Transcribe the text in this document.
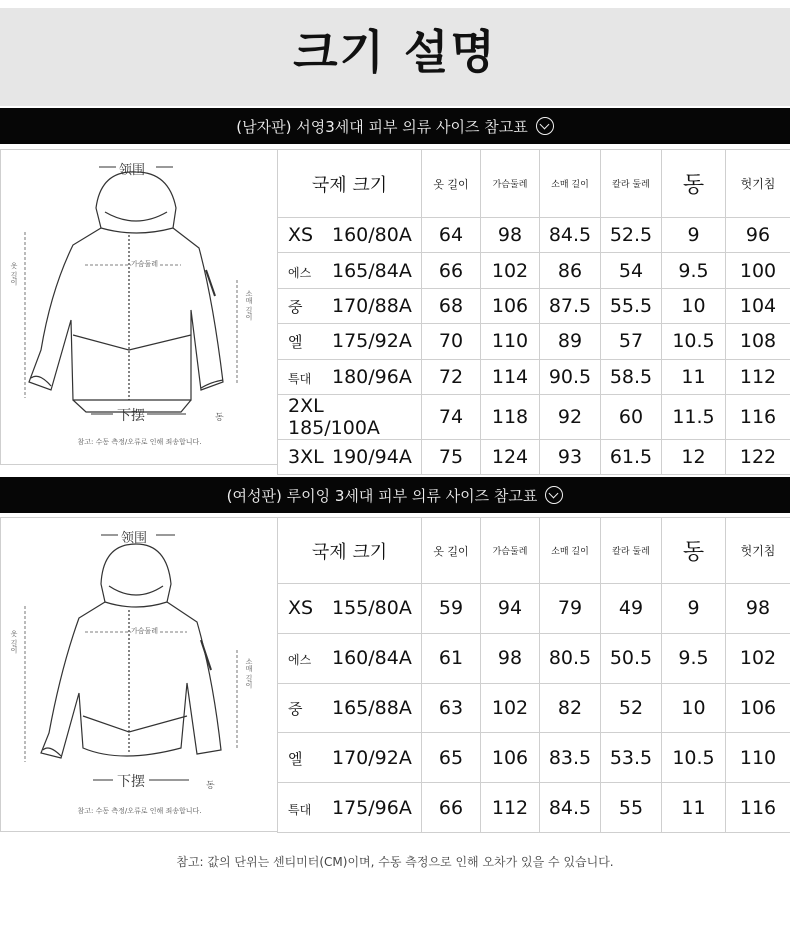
크기 설명
(남자판) 서영3세대 피부 의류 사이즈 참고표
领围
가슴둘레
옷 길이
소매 길이
下摆	동
참고: 수동 측정/오류로 인해 죄송합니다.
국제 크기	옷 길이	가슴둘레	소매 길이	칼라 둘레	동	헛기침
XS 160/80A	64	98	84.5	52.5	9	96
에스 165/84A	66	102	86	54	9.5	100
중 170/88A	68	106	87.5	55.5	10	104
엘 175/92A	70	110	89	57	10.5	108
특대 180/96A	72	114	90.5	58.5	11	112
2XL185/100A	74	118	92	60	11.5	116
3XL 190/94A	75	124	93	61.5	12	122
(여성판) 루이잉 3세대 피부 의류 사이즈 참고표
领围
가슴둘레
옷 길이
소매 길이
下摆	동
참고: 수동 측정/오류로 인해 죄송합니다.
국제 크기	옷 길이	가슴둘레	소매 길이	칼라 둘레	동	헛기침
XS 155/80A	59	94	79	49	9	98
에스 160/84A	61	98	80.5	50.5	9.5	102
중 165/88A	63	102	82	52	10	106
엘 170/92A	65	106	83.5	53.5	10.5	110
특대 175/96A	66	112	84.5	55	11	116
참고: 값의 단위는 센티미터(CM)이며, 수동 측정으로 인해 오차가 있을 수 있습니다.
